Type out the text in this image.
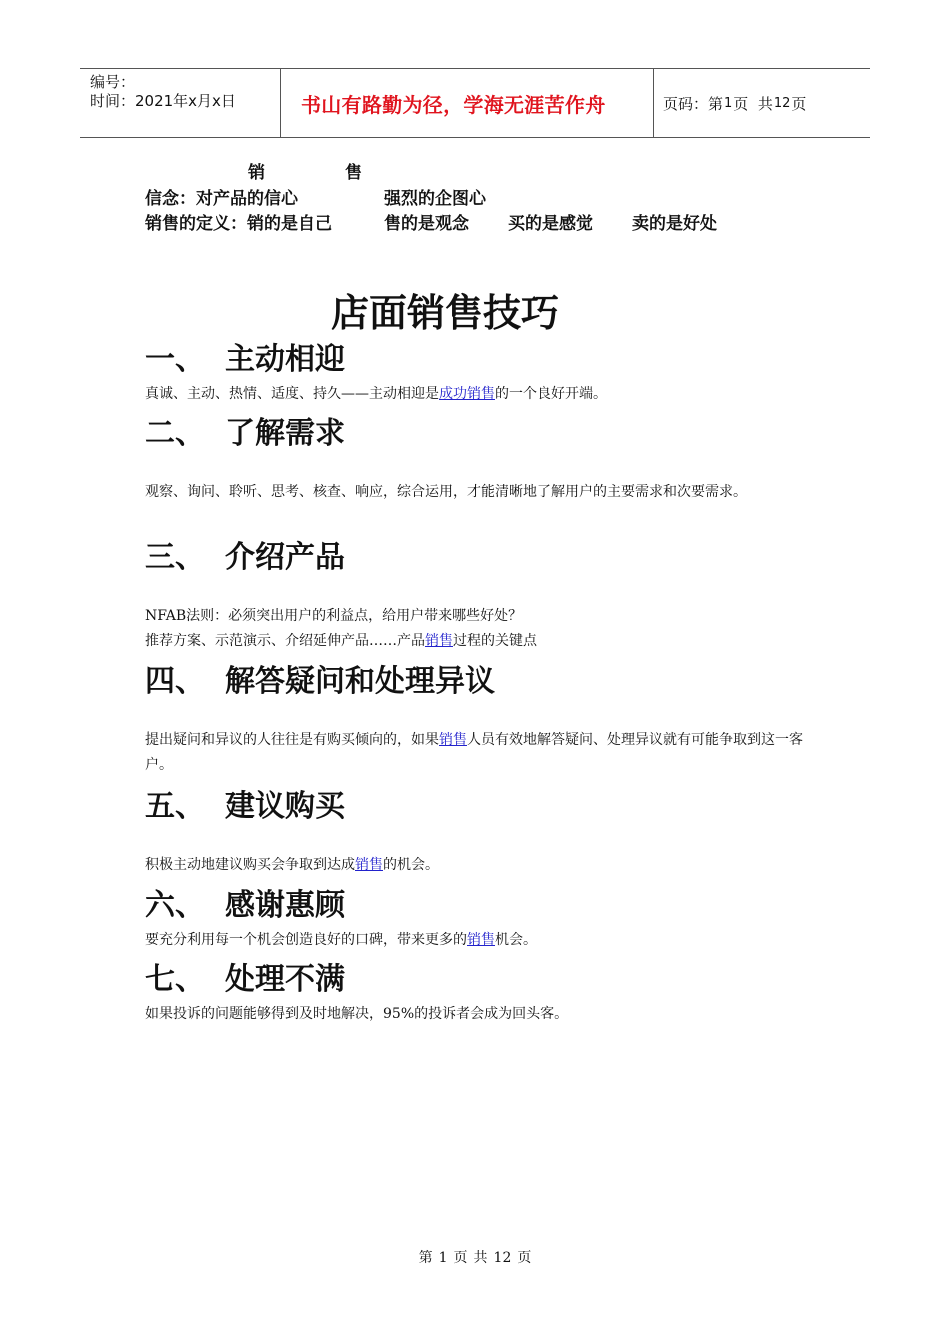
编号：
时间：2021年x月x日	书山有路勤为径，学海无涯苦作舟	页码：第 1 页  共 12 页
销	售
信念：对产品的信心	强烈的企图心
销售的定义：销的是自己	售的是观念 买的是感觉 卖的是好处
店面销售技巧
一、 主动相迎
真诚、主动、热情、适度、持久——主动相迎是成功销售的一个良好开端。
二、 了解需求
观察、询问、聆听、思考、核查、响应，综合运用，才能清晰地了解用户的主要需求和次要需求。
三、 介绍产品
NFAB法则：必须突出用户的利益点，给用户带来哪些好处？
推荐方案、示范演示、介绍延伸产品……产品销售过程的关键点
四、 解答疑问和处理异议
提出疑问和异议的人往往是有购买倾向的，如果销售人员有效地解答疑问、处理异议就有可能争取到这一客户。
五、 建议购买
积极主动地建议购买会争取到达成销售的机会。
六、 感谢惠顾
要充分利用每一个机会创造良好的口碑，带来更多的销售机会。
七、 处理不满
如果投诉的问题能够得到及时地解决，95%的投诉者会成为回头客。
第 1 页 共 12 页
